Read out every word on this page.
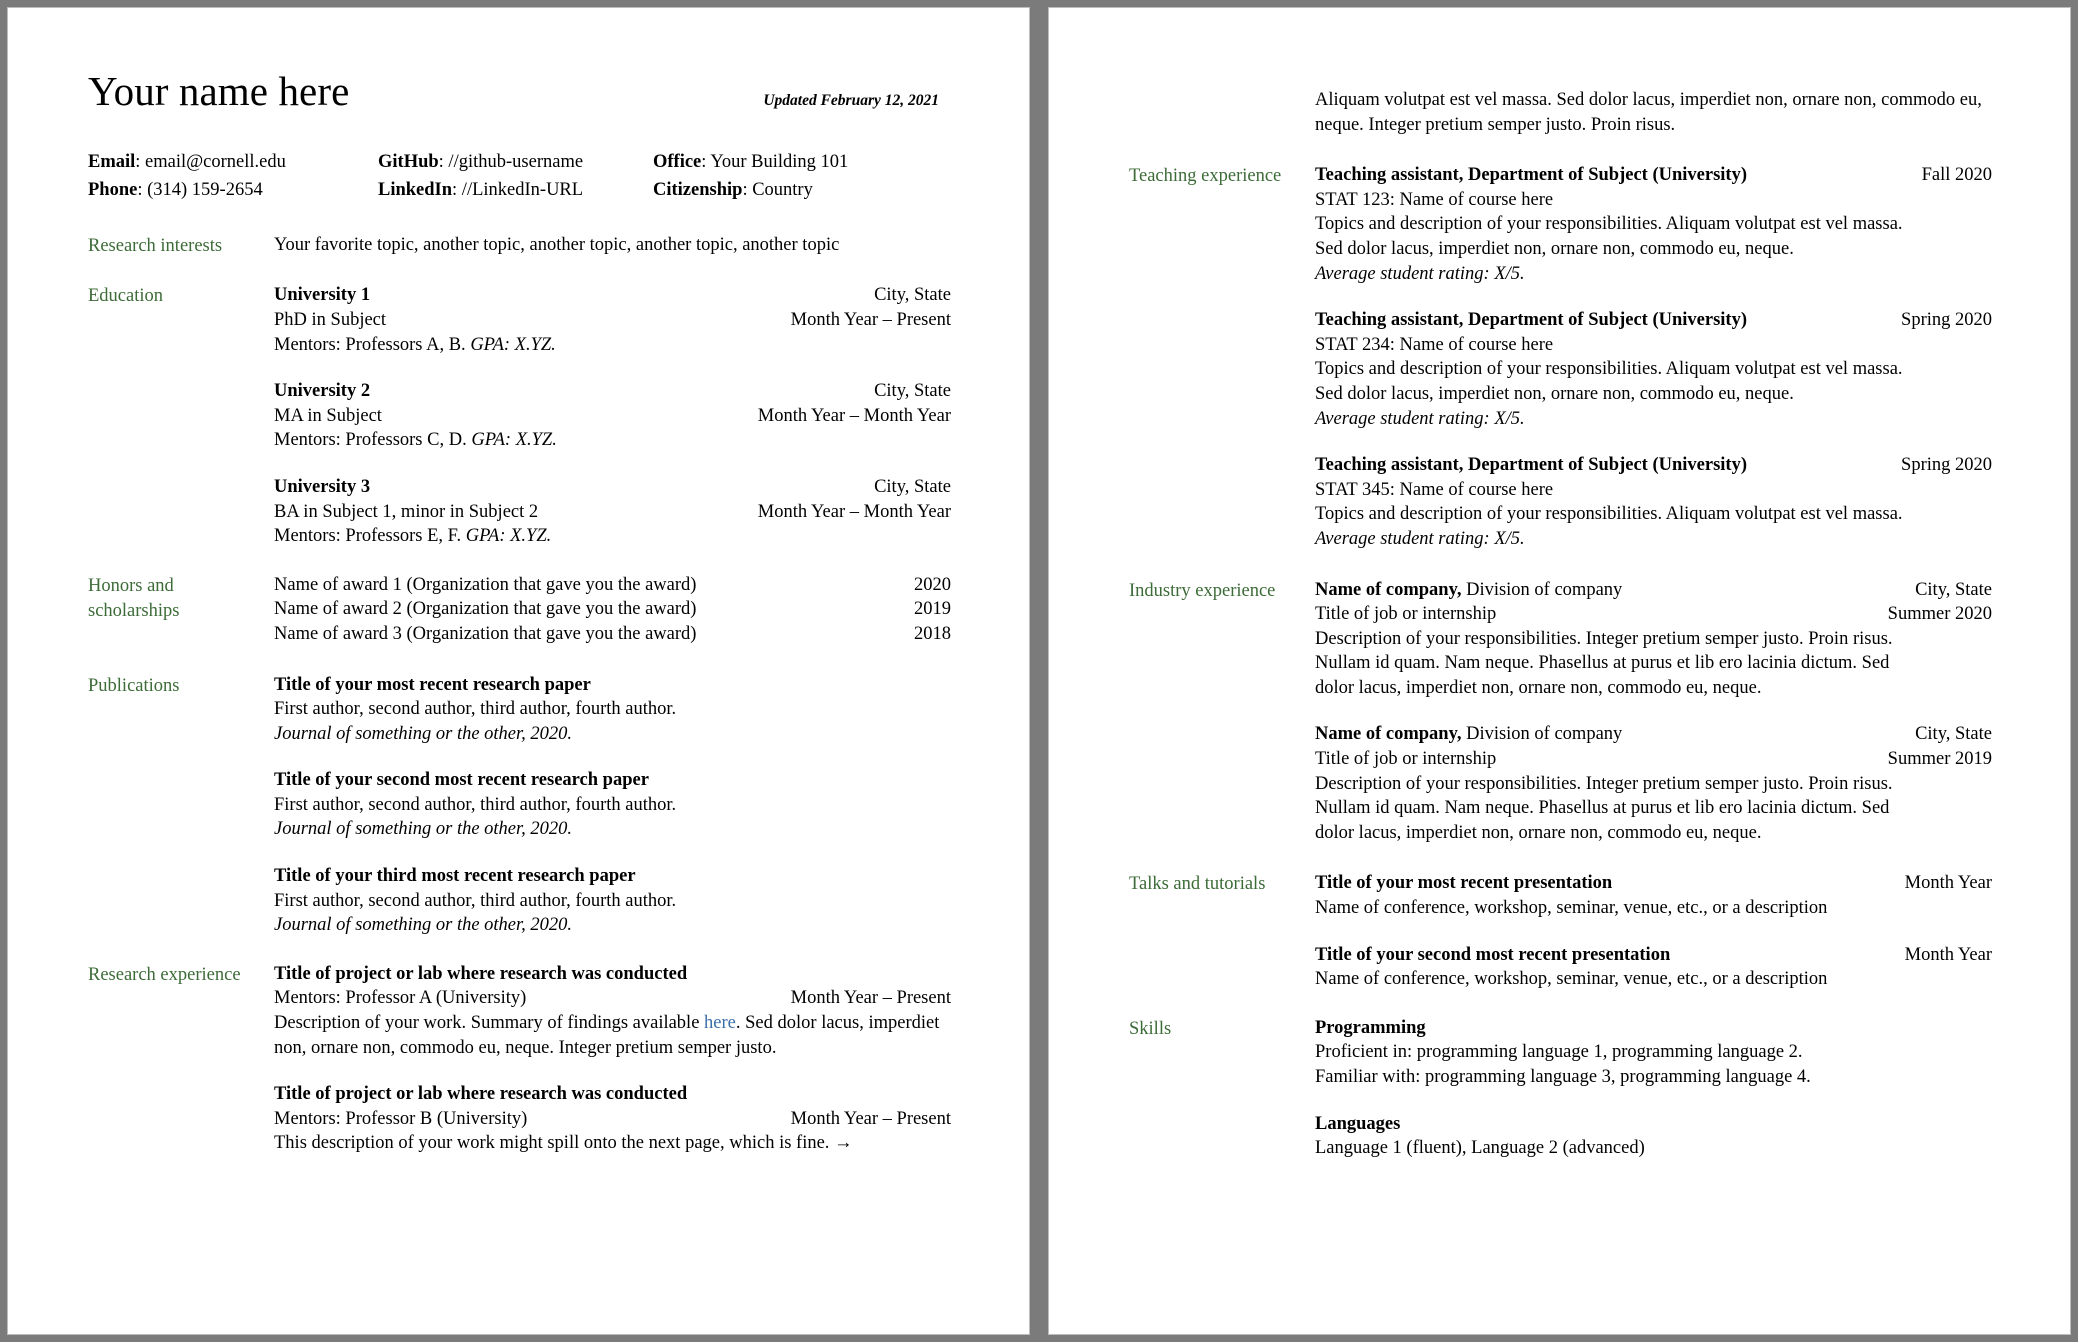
Your name here	Updated February 12, 2021
Email: email@cornell.edu	GitHub: //github-username	Office: Your Building 101
Phone: (314) 159-2654	LinkedIn: //LinkedIn-URL	Citizenship: Country
Research interests	Your favorite topic, another topic, another topic, another topic, another topic
Education	University 1	City, State
PhD in Subject	Month Year – Present
Mentors: Professors A, B. GPA: X.YZ.
University 2	City, State
MA in Subject	Month Year – Month Year
Mentors: Professors C, D. GPA: X.YZ.
University 3	City, State
BA in Subject 1, minor in Subject 2	Month Year – Month Year
Mentors: Professors E, F. GPA: X.YZ.
Honors and
scholarships
Name of award 1 (Organization that gave you the award)	2020
Name of award 2 (Organization that gave you the award)	2019
Name of award 3 (Organization that gave you the award)	2018
Publications	Title of your most recent research paper
First author, second author, third author, fourth author.
Journal of something or the other, 2020.
Title of your second most recent research paper
First author, second author, third author, fourth author.
Journal of something or the other, 2020.
Title of your third most recent research paper
First author, second author, third author, fourth author.
Journal of something or the other, 2020.
Research experience	Title of project or lab where research was conducted
Mentors: Professor A (University)	Month Year – Present
Description of your work. Summary of findings available here. Sed dolor lacus, imperdiet non, ornare non, commodo eu, neque. Integer pretium semper justo.
Title of project or lab where research was conducted
Mentors: Professor B (University)	Month Year – Present
This description of your work might spill onto the next page, which is fine. →
Aliquam volutpat est vel massa. Sed dolor lacus, imperdiet non, ornare non, commodo eu, neque. Integer pretium semper justo. Proin risus.
Teaching experience	Teaching assistant, Department of Subject (University)	Fall 2020
STAT 123: Name of course here
Topics and description of your responsibilities. Aliquam volutpat est vel massa.
Sed dolor lacus, imperdiet non, ornare non, commodo eu, neque.
Average student rating: X/5.
Teaching assistant, Department of Subject (University)	Spring 2020
STAT 234: Name of course here
Topics and description of your responsibilities. Aliquam volutpat est vel massa.
Sed dolor lacus, imperdiet non, ornare non, commodo eu, neque.
Average student rating: X/5.
Teaching assistant, Department of Subject (University)	Spring 2020
STAT 345: Name of course here
Topics and description of your responsibilities. Aliquam volutpat est vel massa.
Average student rating: X/5.
Industry experience	Name of company, Division of company	City, State
Title of job or internship	Summer 2020
Description of your responsibilities. Integer pretium semper justo. Proin risus.
Nullam id quam. Nam neque. Phasellus at purus et lib ero lacinia dictum. Sed
dolor lacus, imperdiet non, ornare non, commodo eu, neque.
Name of company, Division of company	City, State
Title of job or internship	Summer 2019
Description of your responsibilities. Integer pretium semper justo. Proin risus.
Nullam id quam. Nam neque. Phasellus at purus et lib ero lacinia dictum. Sed
dolor lacus, imperdiet non, ornare non, commodo eu, neque.
Talks and tutorials	Title of your most recent presentation	Month Year
Name of conference, workshop, seminar, venue, etc., or a description
Title of your second most recent presentation	Month Year
Name of conference, workshop, seminar, venue, etc., or a description
Skills	Programming
Proficient in: programming language 1, programming language 2.
Familiar with: programming language 3, programming language 4.
Languages
Language 1 (fluent), Language 2 (advanced)
